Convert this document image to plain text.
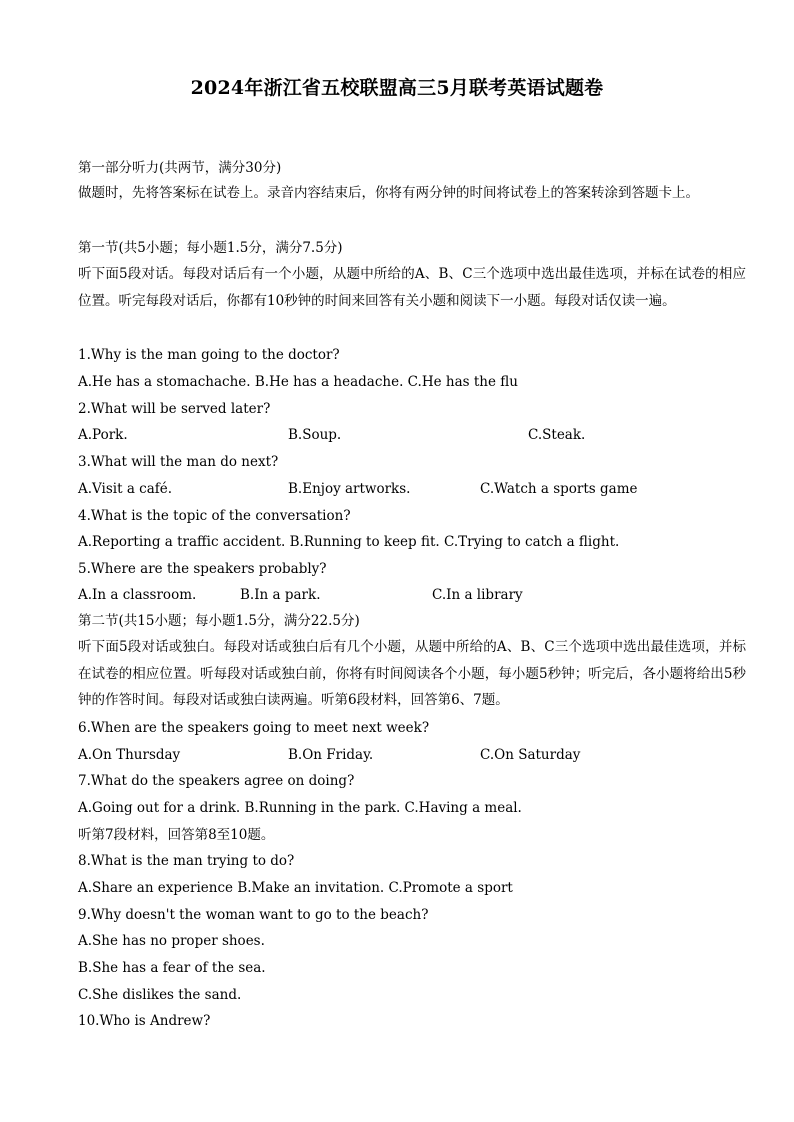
2024年浙江省五校联盟高三5月联考英语试题卷
第一部分听力(共两节，满分30分)
做题时，先将答案标在试卷上。录音内容结束后，你将有两分钟的时间将试卷上的答案转涂到答题卡上。
第一节(共5小题；每小题1.5分，满分7.5分)
听下面5段对话。每段对话后有一个小题，从题中所给的A、B、C三个选项中选出最佳选项，并标在试卷的相应位置。听完每段对话后，你都有10秒钟的时间来回答有关小题和阅读下一小题。每段对话仅读一遍。
1.Why is the man going to the doctor?
A.He has a stomachache. B.He has a headache. C.He has the flu
2.What will be served later?
A.Pork.	B.Soup.	C.Steak.
3.What will the man do next?
A.Visit a café.	B.Enjoy artworks.	C.Watch a sports game
4.What is the topic of the conversation?
A.Reporting a traffic accident. B.Running to keep fit. C.Trying to catch a flight.
5.Where are the speakers probably?
A.In a classroom.	B.In a park.	C.In a library
第二节(共15小题；每小题1.5分，满分22.5分)
听下面5段对话或独白。每段对话或独白后有几个小题，从题中所给的A、B、C三个选项中选出最佳选项，并标在试卷的相应位置。听每段对话或独白前，你将有时间阅读各个小题，每小题5秒钟；听完后，各小题将给出5秒钟的作答时间。每段对话或独白读两遍。听第6段材料，回答第6、7题。
6.When are the speakers going to meet next week?
A.On Thursday	B.On Friday.	C.On Saturday
7.What do the speakers agree on doing?
A.Going out for a drink. B.Running in the park. C.Having a meal.
听第7段材料，回答第8至10题。
8.What is the man trying to do?
A.Share an experience B.Make an invitation. C.Promote a sport
9.Why doesn't the woman want to go to the beach?
A.She has no proper shoes.
B.She has a fear of the sea.
C.She dislikes the sand.
10.Who is Andrew?
